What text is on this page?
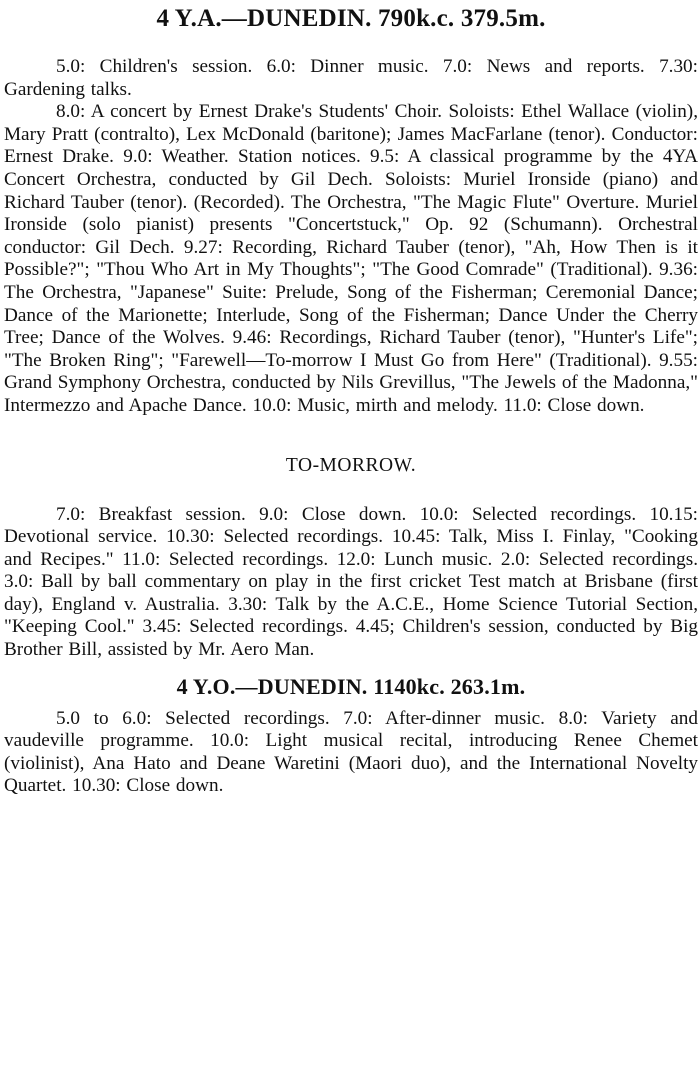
4 Y.A.—DUNEDIN. 790k.c. 379.5m.

5.0: Children's session. 6.0: Dinner music. 7.0: News and reports. 7.30: Gardening talks.

8.0: A concert by Ernest Drake's Students' Choir. Soloists: Ethel Wallace (violin), Mary Pratt (contralto), Lex McDonald (baritone); James MacFarlane (tenor). Conductor: Ernest Drake. 9.0: Weather. Station notices. 9.5: A classical programme by the 4YA Concert Orchestra, conducted by Gil Dech. Soloists: Muriel Ironside (piano) and Richard Tauber (tenor). (Recorded). The Orchestra, "The Magic Flute" Overture. Muriel Ironside (solo pianist) presents "Concertstuck," Op. 92 (Schumann). Orchestral conductor: Gil Dech. 9.27: Recording, Richard Tauber (tenor), "Ah, How Then is it Possible?"; "Thou Who Art in My Thoughts"; "The Good Comrade" (Traditional). 9.36: The Orchestra, "Japanese" Suite: Prelude, Song of the Fisherman; Ceremonial Dance; Dance of the Marionette; Interlude, Song of the Fisherman; Dance Under the Cherry Tree; Dance of the Wolves. 9.46: Recordings, Richard Tauber (tenor), "Hunter's Life"; "The Broken Ring"; "Farewell—To-morrow I Must Go from Here" (Traditional). 9.55: Grand Symphony Orchestra, conducted by Nils Grevillus, "The Jewels of the Madonna," Intermezzo and Apache Dance. 10.0: Music, mirth and melody. 11.0: Close down.

TO-MORROW.

7.0: Breakfast session. 9.0: Close down. 10.0: Selected recordings. 10.15: Devotional service. 10.30: Selected recordings. 10.45: Talk, Miss I. Finlay, "Cooking and Recipes." 11.0: Selected recordings. 12.0: Lunch music. 2.0: Selected recordings. 3.0: Ball by ball commentary on play in the first cricket Test match at Brisbane (first day), England v. Australia. 3.30: Talk by the A.C.E., Home Science Tutorial Section, "Keeping Cool." 3.45: Selected recordings. 4.45; Children's session, conducted by Big Brother Bill, assisted by Mr. Aero Man.

4 Y.O.—DUNEDIN. 1140kc. 263.1m.

5.0 to 6.0: Selected recordings. 7.0: After-dinner music. 8.0: Variety and vaudeville programme. 10.0: Light musical recital, introducing Renee Chemet (violinist), Ana Hato and Deane Waretini (Maori duo), and the International Novelty Quartet. 10.30: Close down.
